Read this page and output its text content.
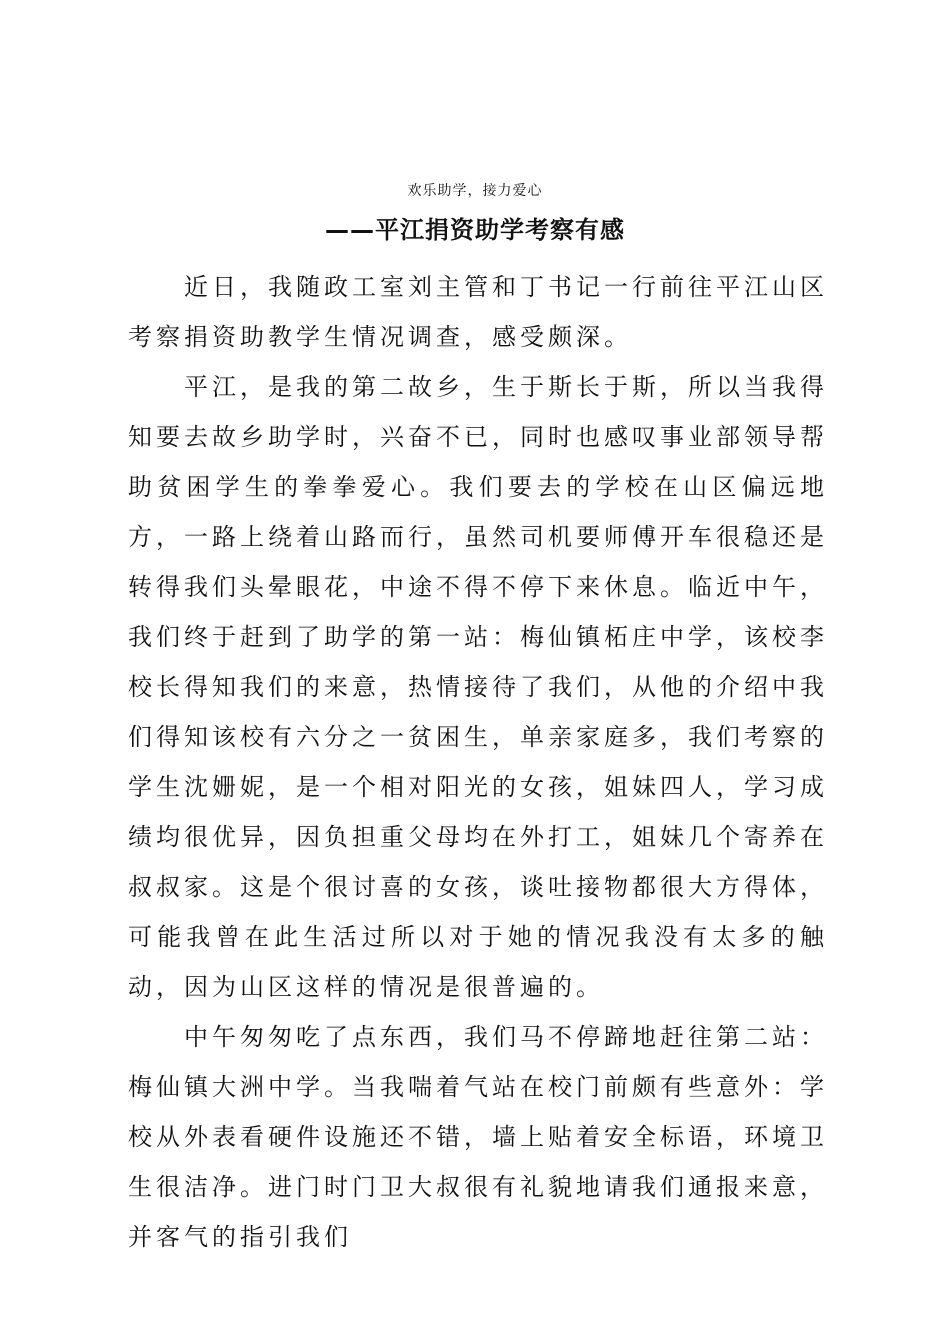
欢乐助学，接力爱心
——平江捐资助学考察有感

近日，我随政工室刘主管和丁书记一行前往平江山区考察捐资助教学生情况调查，感受颇深。

平江，是我的第二故乡，生于斯长于斯，所以当我得知要去故乡助学时，兴奋不已，同时也感叹事业部领导帮助贫困学生的拳拳爱心。我们要去的学校在山区偏远地方，一路上绕着山路而行，虽然司机要师傅开车很稳还是转得我们头晕眼花，中途不得不停下来休息。临近中午，我们终于赶到了助学的第一站：梅仙镇柘庄中学，该校李校长得知我们的来意，热情接待了我们，从他的介绍中我们得知该校有六分之一贫困生，单亲家庭多，我们考察的学生沈姗妮，是一个相对阳光的女孩，姐妹四人，学习成绩均很优异，因负担重父母均在外打工，姐妹几个寄养在叔叔家。这是个很讨喜的女孩，谈吐接物都很大方得体，可能我曾在此生活过所以对于她的情况我没有太多的触动，因为山区这样的情况是很普遍的。

中午匆匆吃了点东西，我们马不停蹄地赶往第二站：梅仙镇大洲中学。当我喘着气站在校门前颇有些意外：学校从外表看硬件设施还不错，墙上贴着安全标语，环境卫生很洁净。进门时门卫大叔很有礼貌地请我们通报来意，并客气的指引我们
